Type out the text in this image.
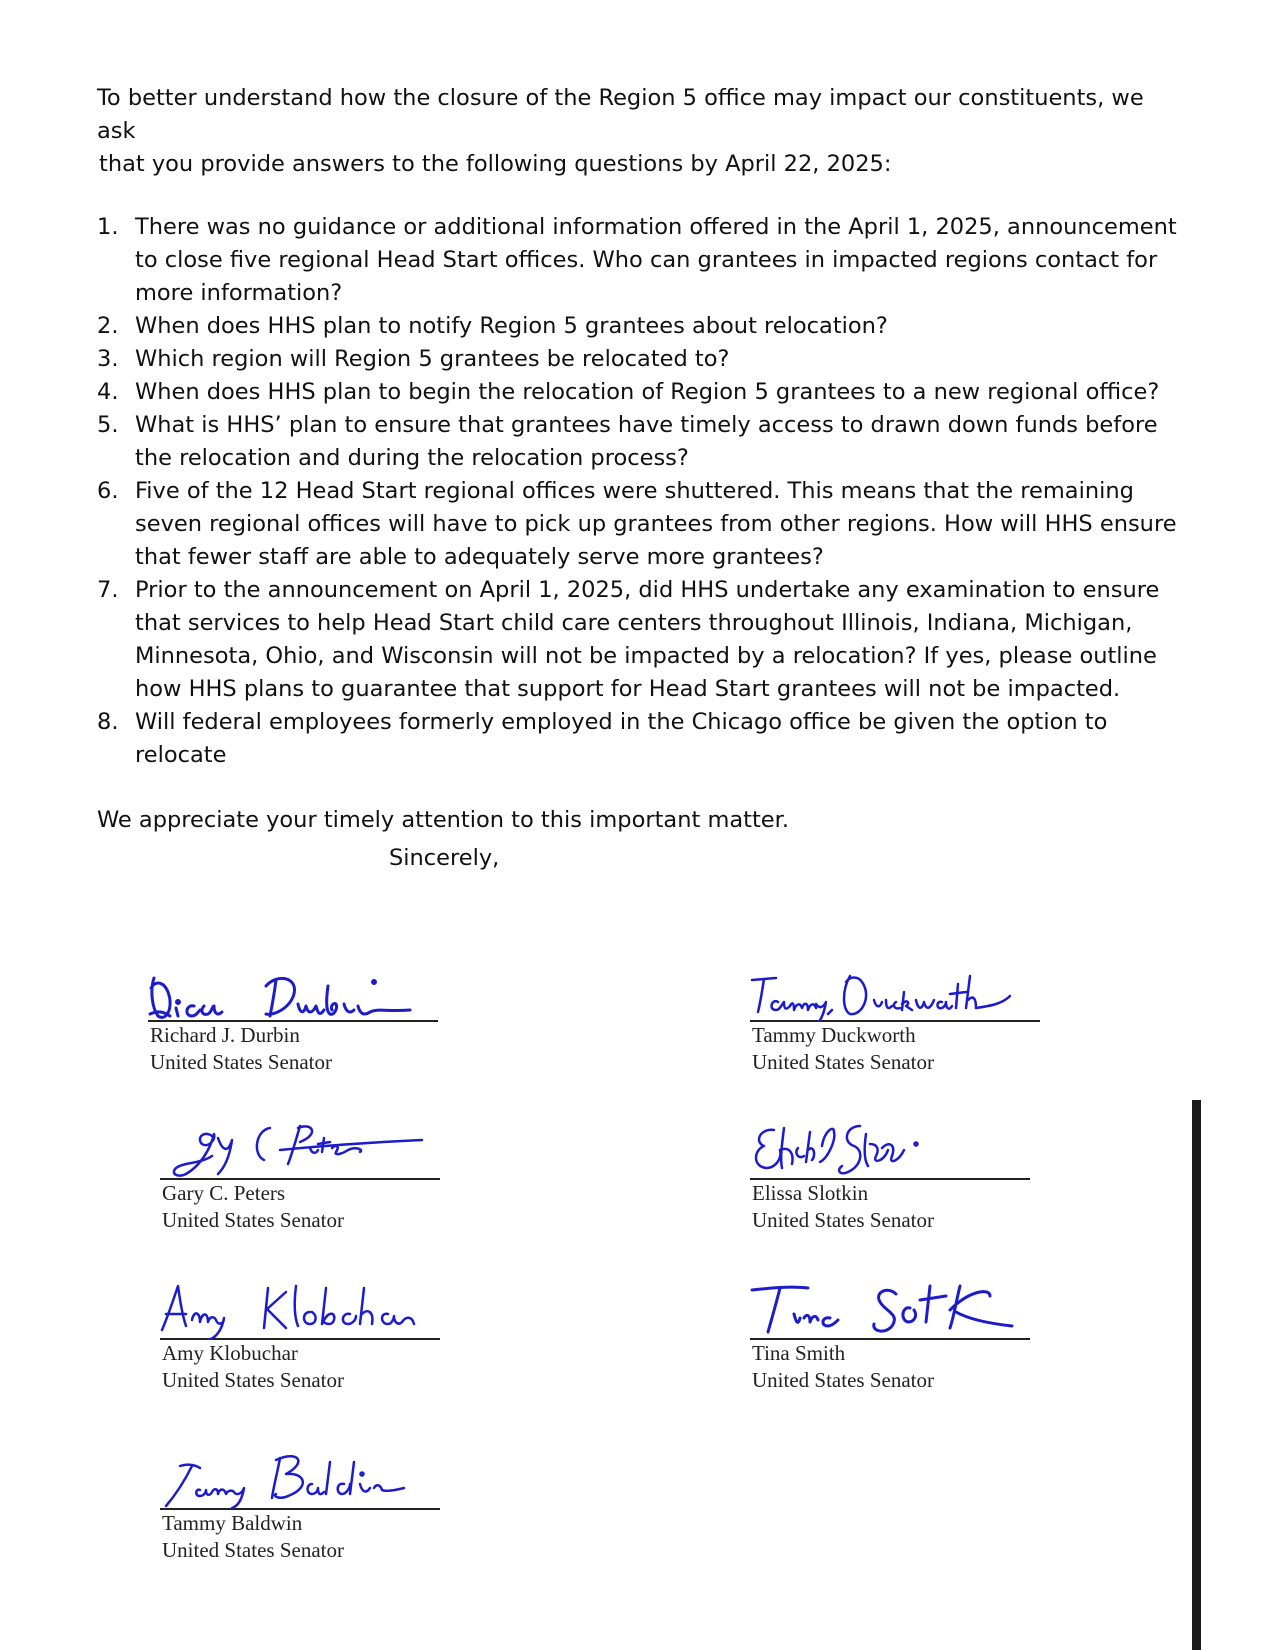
To better understand how the closure of the Region 5 office may impact our constituents, we ask
that you provide answers to the following questions by April 22, 2025:

1. There was no guidance or additional information offered in the April 1, 2025, announcement to close five regional Head Start offices. Who can grantees in impacted regions contact for more information?
2. When does HHS plan to notify Region 5 grantees about relocation?
3. Which region will Region 5 grantees be relocated to?
4. When does HHS plan to begin the relocation of Region 5 grantees to a new regional office?
5. What is HHS’ plan to ensure that grantees have timely access to drawn down funds before the relocation and during the relocation process?
6. Five of the 12 Head Start regional offices were shuttered. This means that the remaining seven regional offices will have to pick up grantees from other regions. How will HHS ensure that fewer staff are able to adequately serve more grantees?
7. Prior to the announcement on April 1, 2025, did HHS undertake any examination to ensure that services to help Head Start child care centers throughout Illinois, Indiana, Michigan, Minnesota, Ohio, and Wisconsin will not be impacted by a relocation? If yes, please outline how HHS plans to guarantee that support for Head Start grantees will not be impacted.
8. Will federal employees formerly employed in the Chicago office be given the option to relocate

We appreciate your timely attention to this important matter.

Sincerely,
Richard J. Durbin
United States Senator
Tammy Duckworth
United States Senator
Gary C. Peters
United States Senator
Elissa Slotkin
United States Senator
Amy Klobuchar
United States Senator
Tina Smith
United States Senator
Tammy Baldwin
United States Senator
